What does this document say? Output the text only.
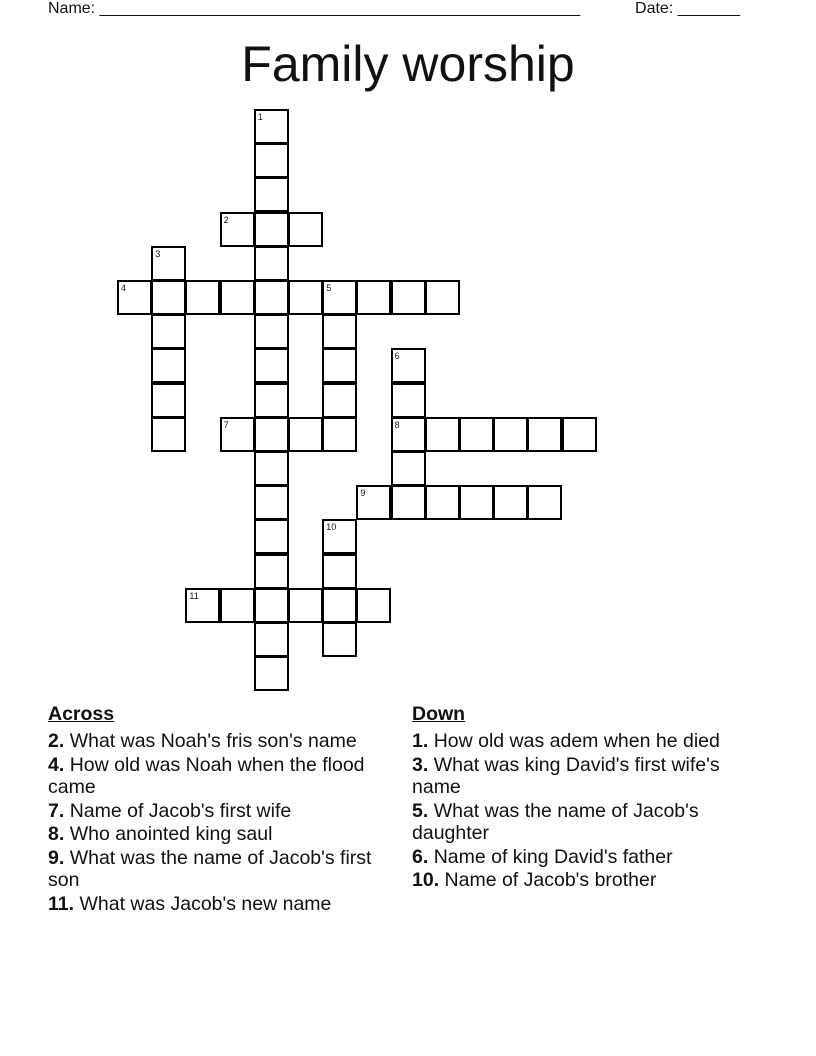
Name: ______________________________________________________	Date: _______
Family worship
1
2
3
4	5
6
7	8
9
10
11
Across
2. What was Noah's fris son's name
4. How old was Noah when the flood came
7. Name of Jacob's first wife
8. Who anointed king saul
9. What was the name of Jacob's first son
11. What was Jacob's new name
Down
1. How old was adem when he died
3. What was king David's first wife's name
5. What was the name of Jacob's daughter
6. Name of king David's father
10. Name of Jacob's brother
